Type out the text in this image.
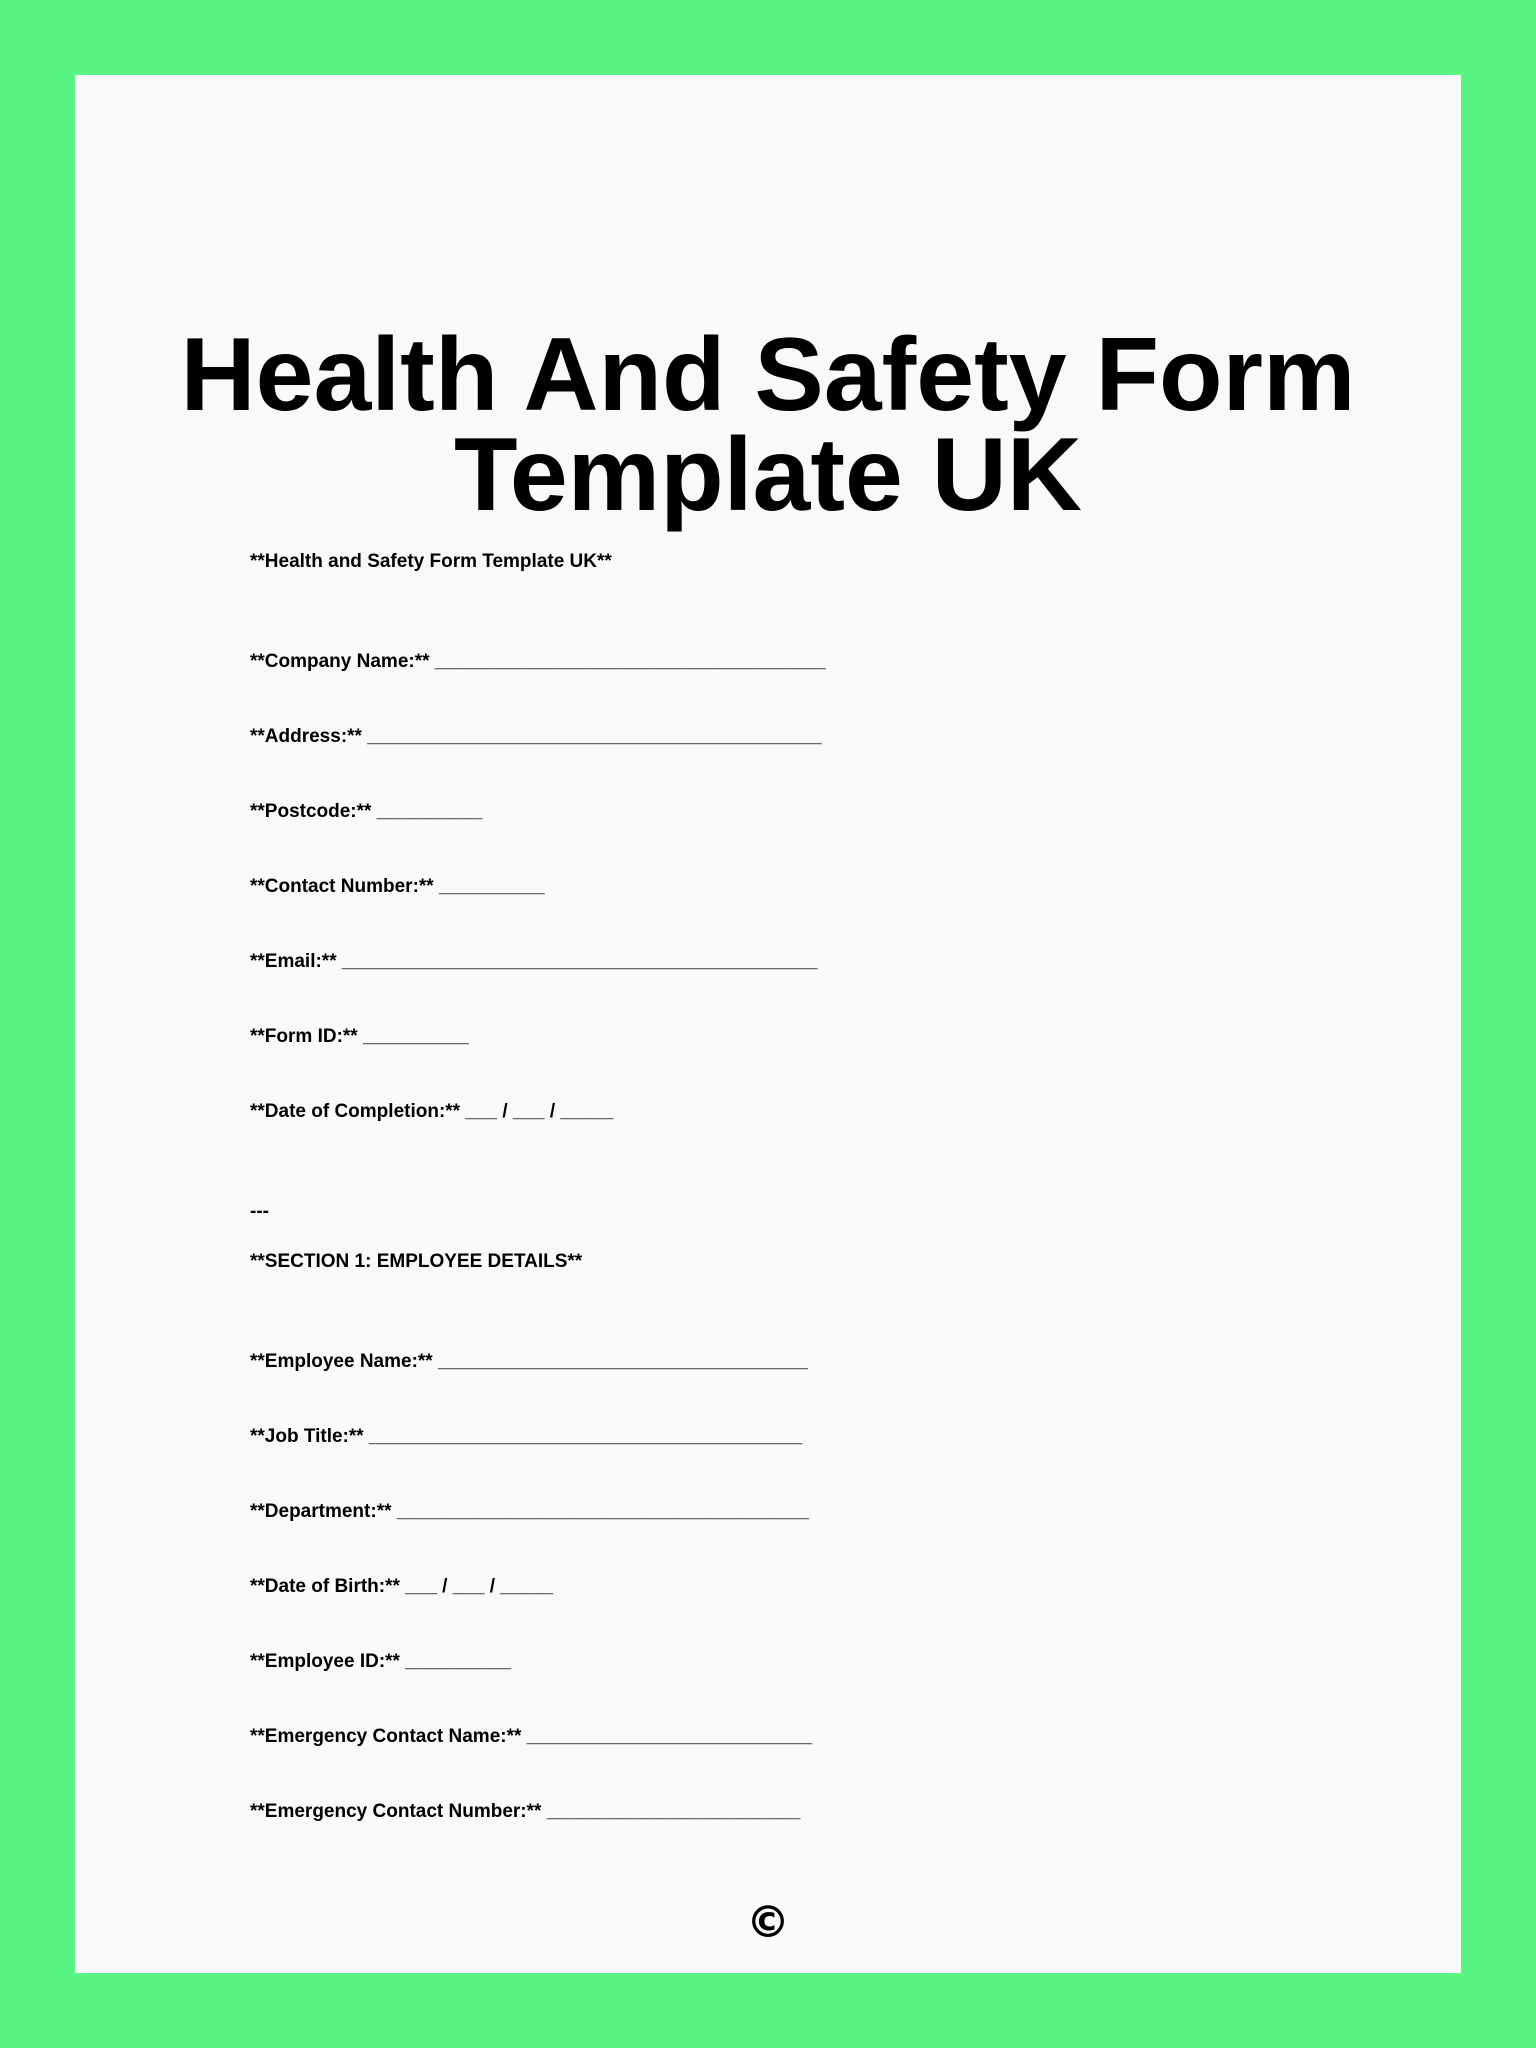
Health And Safety Form
Template UK
**Health and Safety Form Template UK**
**Company Name:** _____________________________________
**Address:** ___________________________________________
**Postcode:** __________
**Contact Number:** __________
**Email:** _____________________________________________
**Form ID:** __________
**Date of Completion:** ___ / ___ / _____
---
**SECTION 1: EMPLOYEE DETAILS**
**Employee Name:** ___________________________________
**Job Title:** _________________________________________
**Department:** _______________________________________
**Date of Birth:** ___ / ___ / _____
**Employee ID:** __________
**Emergency Contact Name:** ___________________________
**Emergency Contact Number:** ________________________
©
